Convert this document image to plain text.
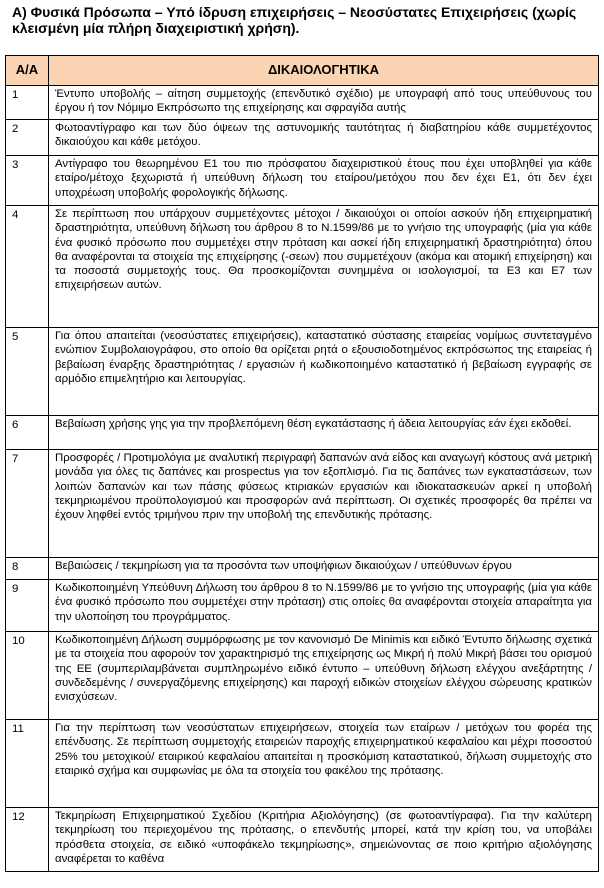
Α) Φυσικά Πρόσωπα – Υπό ίδρυση επιχειρήσεις – Νεοσύστατες Επιχειρήσεις (χωρίς κλεισμένη μία πλήρη διαχειριστική χρήση).
Α/Α	ΔΙΚΑΙΟΛΟΓΗΤΙΚΑ
1	Έντυπο υποβολής – αίτηση συμμετοχής (επενδυτικό σχέδιο) με υπογραφή από τους υπεύθυνους του έργου ή τον Νόμιμο Εκπρόσωπο της επιχείρησης και σφραγίδα αυτής
2	Φωτοαντίγραφο και των δύο όψεων της αστυνομικής ταυτότητας ή διαβατηρίου κάθε συμμετέχοντος δικαιούχου και κάθε μετόχου.
3	Αντίγραφο του θεωρημένου Ε1 του πιο πρόσφατου διαχειριστικού έτους που έχει υποβληθεί για κάθε εταίρο/μέτοχο ξεχωριστά ή υπεύθυνη δήλωση του εταίρου/μετόχου που δεν έχει Ε1, ότι δεν έχει υποχρέωση υποβολής φορολογικής δήλωσης.
4	Σε περίπτωση που υπάρχουν συμμετέχοντες μέτοχοι / δικαιούχοι οι οποίοι ασκούν ήδη επιχειρηματική δραστηριότητα, υπεύθυνη δήλωση του άρθρου 8 το Ν.1599/86 με το γνήσιο της υπογραφής (μία για κάθε ένα φυσικό πρόσωπο που συμμετέχει στην πρόταση και ασκεί ήδη επιχειρηματική δραστηριότητα) όπου θα αναφέρονται τα στοιχεία της επιχείρησης (-σεων) που συμμετέχουν (ακόμα και ατομική επιχείρηση) και τα ποσοστά συμμετοχής τους. Θα προσκομίζονται συνημμένα οι ισολογισμοί, τα Ε3 και Ε7 των επιχειρήσεων αυτών.
5	Για όπου απαιτείται (νεοσύστατες επιχειρήσεις), καταστατικό σύστασης εταιρείας νομίμως συντεταγμένο ενώπιον Συμβολαιογράφου, στο οποίο θα ορίζεται ρητά ο εξουσιοδοτημένος εκπρόσωπος της εταιρείας ή βεβαίωση έναρξης δραστηριότητας / εργασιών ή κωδικοποιημένο καταστατικό ή βεβαίωση εγγραφής σε αρμόδιο επιμελητήριο και λειτουργίας.
6	Βεβαίωση χρήσης γης για την προβλεπόμενη θέση εγκατάστασης ή άδεια λειτουργίας εάν έχει εκδοθεί.
7	Προσφορές / Προτιμολόγια με αναλυτική περιγραφή δαπανών ανά είδος και αναγωγή κόστους ανά μετρική μονάδα για όλες τις δαπάνες και prospectus για τον εξοπλισμό. Για τις δαπάνες των εγκαταστάσεων, των λοιπών δαπανών και των πάσης φύσεως κτιριακών εργασιών και ιδιοκατασκευών αρκεί η υποβολή τεκμηριωμένου προϋπολογισμού και προσφορών ανά περίπτωση. Οι σχετικές προσφορές θα πρέπει να έχουν ληφθεί εντός τριμήνου πριν την υποβολή της επενδυτικής πρότασης.
8	Βεβαιώσεις / τεκμηρίωση για τα προσόντα των υποψήφιων δικαιούχων / υπεύθυνων έργου
9	Κωδικοποιημένη Υπεύθυνη Δήλωση του άρθρου 8 το Ν.1599/86 με το γνήσιο της υπογραφής (μία για κάθε ένα φυσικό πρόσωπο που συμμετέχει στην πρόταση) στις οποίες θα αναφέρονται στοιχεία απαραίτητα για την υλοποίηση του προγράμματος.
10	Κωδικοποιημένη Δήλωση συμμόρφωσης με τον κανονισμό De Minimis και ειδικό Έντυπο δήλωσης σχετικά με τα στοιχεία που αφορούν τον χαρακτηρισμό της επιχείρησης ως Μικρή ή πολύ Μικρή βάσει του ορισμού της ΕΕ (συμπεριλαμβάνεται συμπληρωμένο ειδικό έντυπο – υπεύθυνη δήλωση ελέγχου ανεξάρτητης / συνδεδεμένης / συνεργαζόμενης επιχείρησης) και παροχή ειδικών στοιχείων ελέγχου σώρευσης κρατικών ενισχύσεων.
11	Για την περίπτωση των νεοσύστατων επιχειρήσεων, στοιχεία των εταίρων / μετόχων του φορέα της επένδυσης. Σε περίπτωση συμμετοχής εταιρειών παροχής επιχειρηματικού κεφαλαίου και μέχρι ποσοστού 25% του μετοχικού/ εταιρικού κεφαλαίου απαιτείται η προσκόμιση καταστατικού, δήλωση συμμετοχής στο εταιρικό σχήμα και συμφωνίας με όλα τα στοιχεία του φακέλου της πρότασης.
12	Τεκμηρίωση Επιχειρηματικού Σχεδίου (Κριτήρια Αξιολόγησης) (σε φωτοαντίγραφα). Για την καλύτερη τεκμηρίωση του περιεχομένου της πρότασης, ο επενδυτής μπορεί, κατά την κρίση του, να υποβάλει πρόσθετα στοιχεία, σε ειδικό «υποφάκελο τεκμηρίωσης», σημειώνοντας σε ποιο κριτήριο αξιολόγησης αναφέρεται το καθένα
